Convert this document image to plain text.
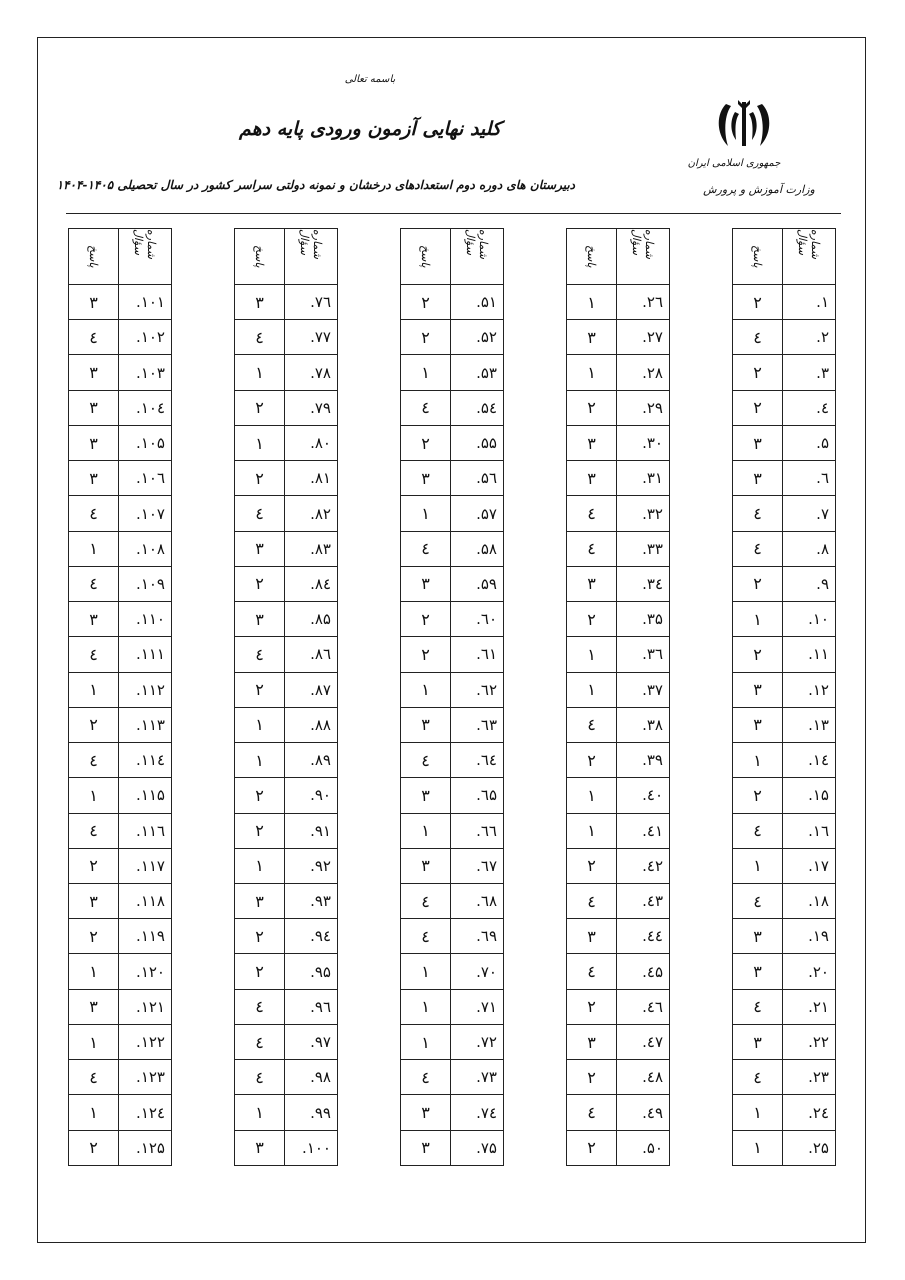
باسمه تعالی
کلید نهایی آزمون ورودی پایه دهم
دبیرستان های دوره دوم استعدادهای درخشان و نمونه دولتی سراسر کشور در سال تحصیلی ۱۴۰۵-۱۴۰۴
جمهوری اسلامی ایران
وزارت آموزش و پرورش
پاسخ	شماره سؤال
۳	.۱۰۱
٤	.۱۰۲
۳	.۱۰۳
۳	.۱۰٤
۳	.۱۰۵
۳	.۱۰٦
٤	.۱۰۷
۱	.۱۰۸
٤	.۱۰۹
۳	.۱۱۰
٤	.۱۱۱
۱	.۱۱۲
۲	.۱۱۳
٤	.۱۱٤
۱	.۱۱۵
٤	.۱۱٦
۲	.۱۱۷
۳	.۱۱۸
۲	.۱۱۹
۱	.۱۲۰
۳	.۱۲۱
۱	.۱۲۲
٤	.۱۲۳
۱	.۱۲٤
۲	.۱۲۵
پاسخ	شماره سؤال
۳	.۷٦
٤	.۷۷
۱	.۷۸
۲	.۷۹
۱	.۸۰
۲	.۸۱
٤	.۸۲
۳	.۸۳
۲	.۸٤
۳	.۸۵
٤	.۸٦
۲	.۸۷
۱	.۸۸
۱	.۸۹
۲	.۹۰
۲	.۹۱
۱	.۹۲
۳	.۹۳
۲	.۹٤
۲	.۹۵
٤	.۹٦
٤	.۹۷
٤	.۹۸
۱	.۹۹
۳	.۱۰۰
پاسخ	شماره سؤال
۲	.۵۱
۲	.۵۲
۱	.۵۳
٤	.۵٤
۲	.۵۵
۳	.۵٦
۱	.۵۷
٤	.۵۸
۳	.۵۹
۲	.٦۰
۲	.٦۱
۱	.٦۲
۳	.٦۳
٤	.٦٤
۳	.٦۵
۱	.٦٦
۳	.٦۷
٤	.٦۸
٤	.٦۹
۱	.۷۰
۱	.۷۱
۱	.۷۲
٤	.۷۳
۳	.۷٤
۳	.۷۵
پاسخ	شماره سؤال
۱	.۲٦
۳	.۲۷
۱	.۲۸
۲	.۲۹
۳	.۳۰
۳	.۳۱
٤	.۳۲
٤	.۳۳
۳	.۳٤
۲	.۳۵
۱	.۳٦
۱	.۳۷
٤	.۳۸
۲	.۳۹
۱	.٤۰
۱	.٤۱
۲	.٤۲
٤	.٤۳
۳	.٤٤
٤	.٤۵
۲	.٤٦
۳	.٤۷
۲	.٤۸
٤	.٤۹
۲	.۵۰
پاسخ	شماره سؤال
۲	.۱
٤	.۲
۲	.۳
۲	.٤
۳	.۵
۳	.٦
٤	.۷
٤	.۸
۲	.۹
۱	.۱۰
۲	.۱۱
۳	.۱۲
۳	.۱۳
۱	.۱٤
۲	.۱۵
٤	.۱٦
۱	.۱۷
٤	.۱۸
۳	.۱۹
۳	.۲۰
٤	.۲۱
۳	.۲۲
٤	.۲۳
۱	.۲٤
۱	.۲۵
